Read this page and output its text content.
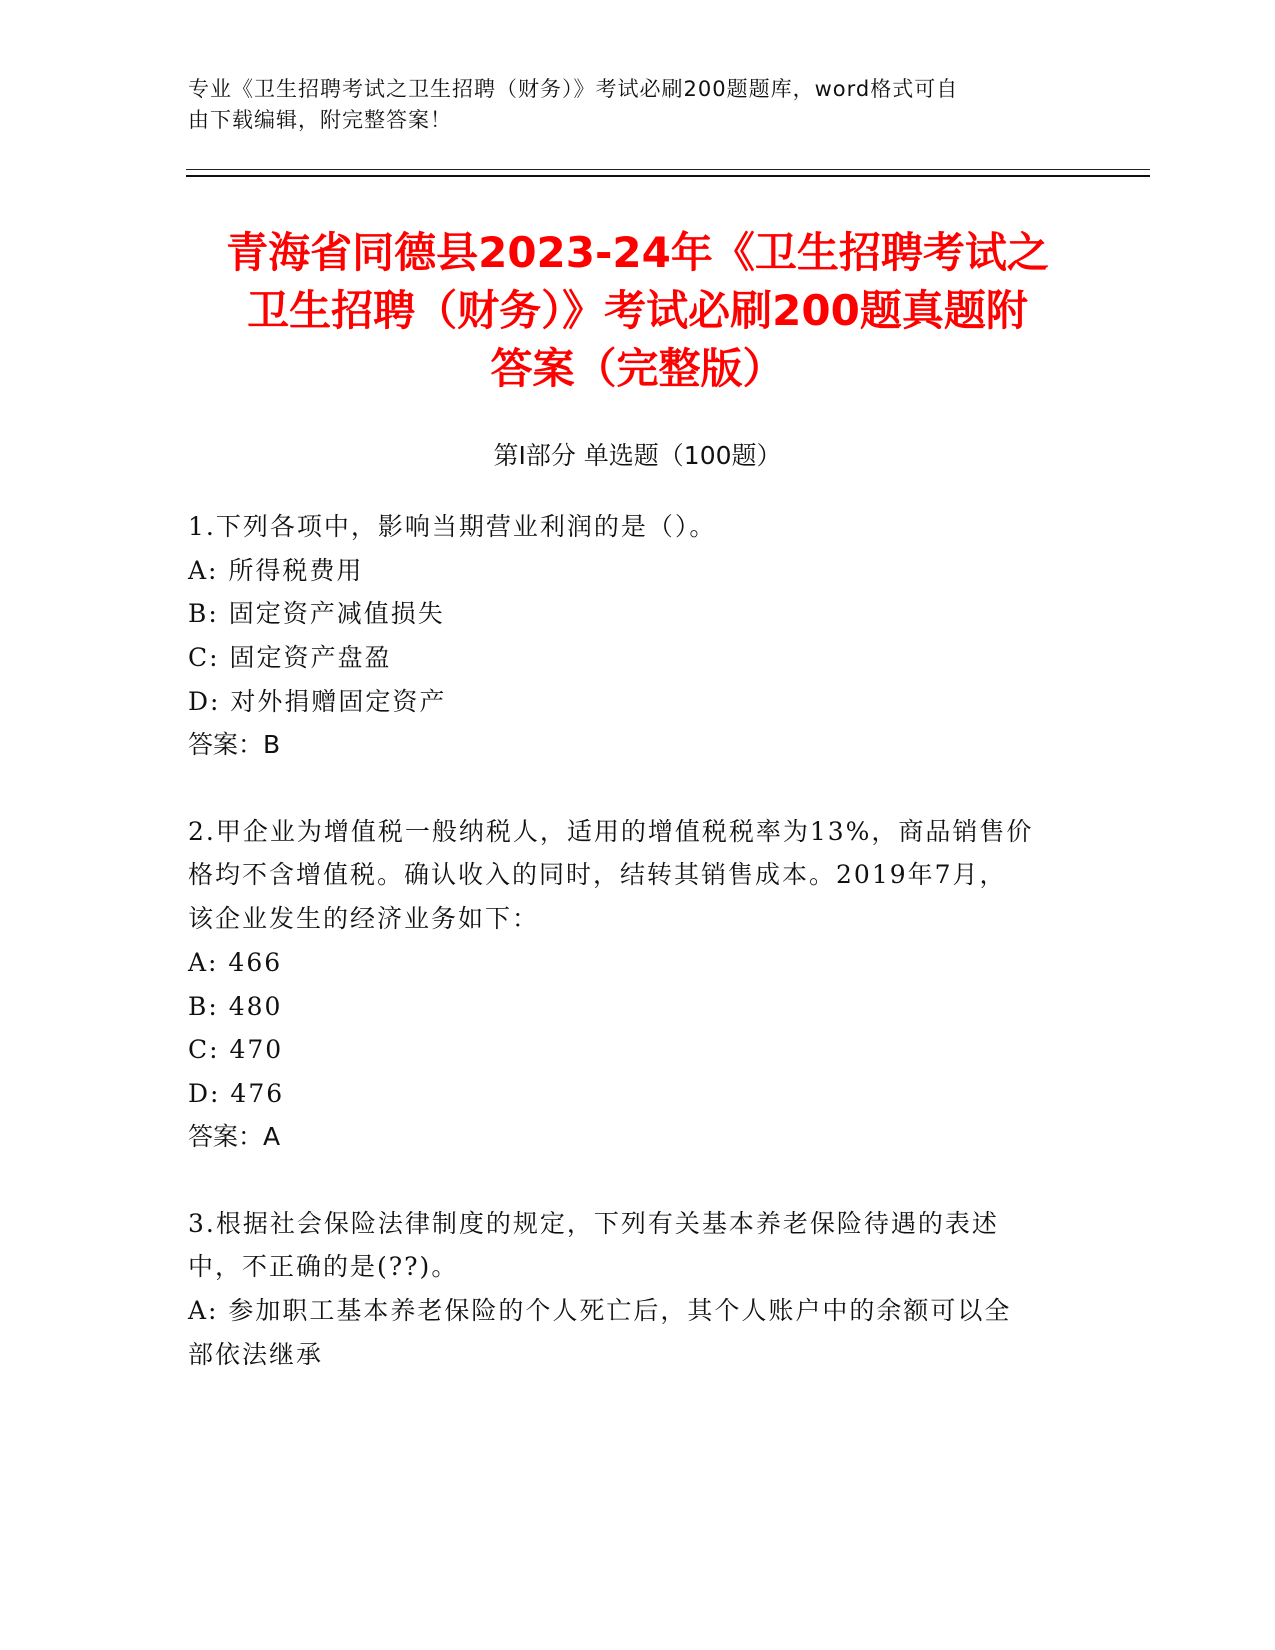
专业《卫生招聘考试之卫生招聘（财务）》考试必刷200题题库，word格式可自
由下载编辑，附完整答案！
青海省同德县2023-24年《卫生招聘考试之
卫生招聘（财务）》考试必刷200题真题附
答案（完整版）
第Ⅰ部分 单选题（100题）
1.下列各项中，影响当期营业利润的是（）。
A: 所得税费用
B: 固定资产减值损失
C: 固定资产盘盈
D: 对外捐赠固定资产
答案：B
2.甲企业为增值税一般纳税人，适用的增值税税率为13%，商品销售价
格均不含增值税。确认收入的同时，结转其销售成本。2019年7月，
该企业发生的经济业务如下：
A: 466
B: 480
C: 470
D: 476
答案：A
3.根据社会保险法律制度的规定，下列有关基本养老保险待遇的表述
中，不正确的是(??)。
A: 参加职工基本养老保险的个人死亡后，其个人账户中的余额可以全
部依法继承
